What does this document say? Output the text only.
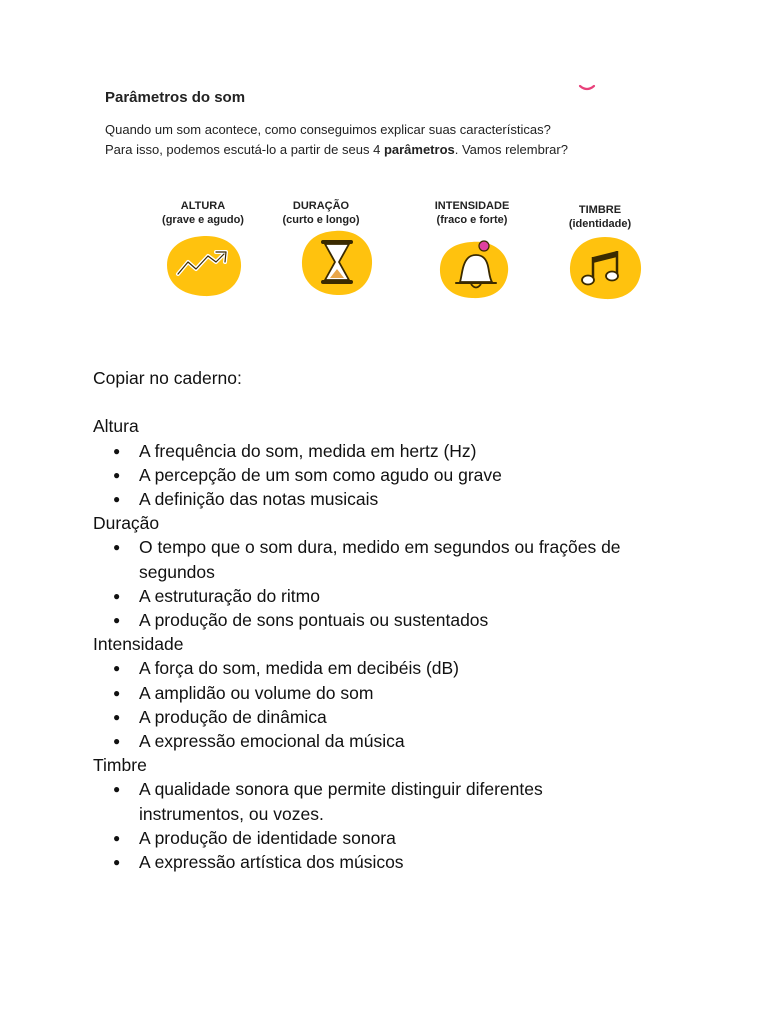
Parâmetros do som
Quando um som acontece, como conseguimos explicar suas características?
Para isso, podemos escutá-lo a partir de seus 4 parâmetros. Vamos relembrar?
ALTURA
(grave e agudo)
DURAÇÃO
(curto e longo)
INTENSIDADE
(fraco e forte)
TIMBRE
(identidade)

Copiar no caderno:

Altura

● A frequência do som, medida em hertz (Hz)
● A percepção de um som como agudo ou grave
● A definição das notas musicais

Duração

● O tempo que o som dura, medido em segundos ou frações de segundos
● A estruturação do ritmo
● A produção de sons pontuais ou sustentados

Intensidade

● A força do som, medida em decibéis (dB)
● A amplidão ou volume do som
● A produção de dinâmica
● A expressão emocional da música

Timbre

● A qualidade sonora que permite distinguir diferentes instrumentos, ou vozes.
● A produção de identidade sonora
● A expressão artística dos músicos
